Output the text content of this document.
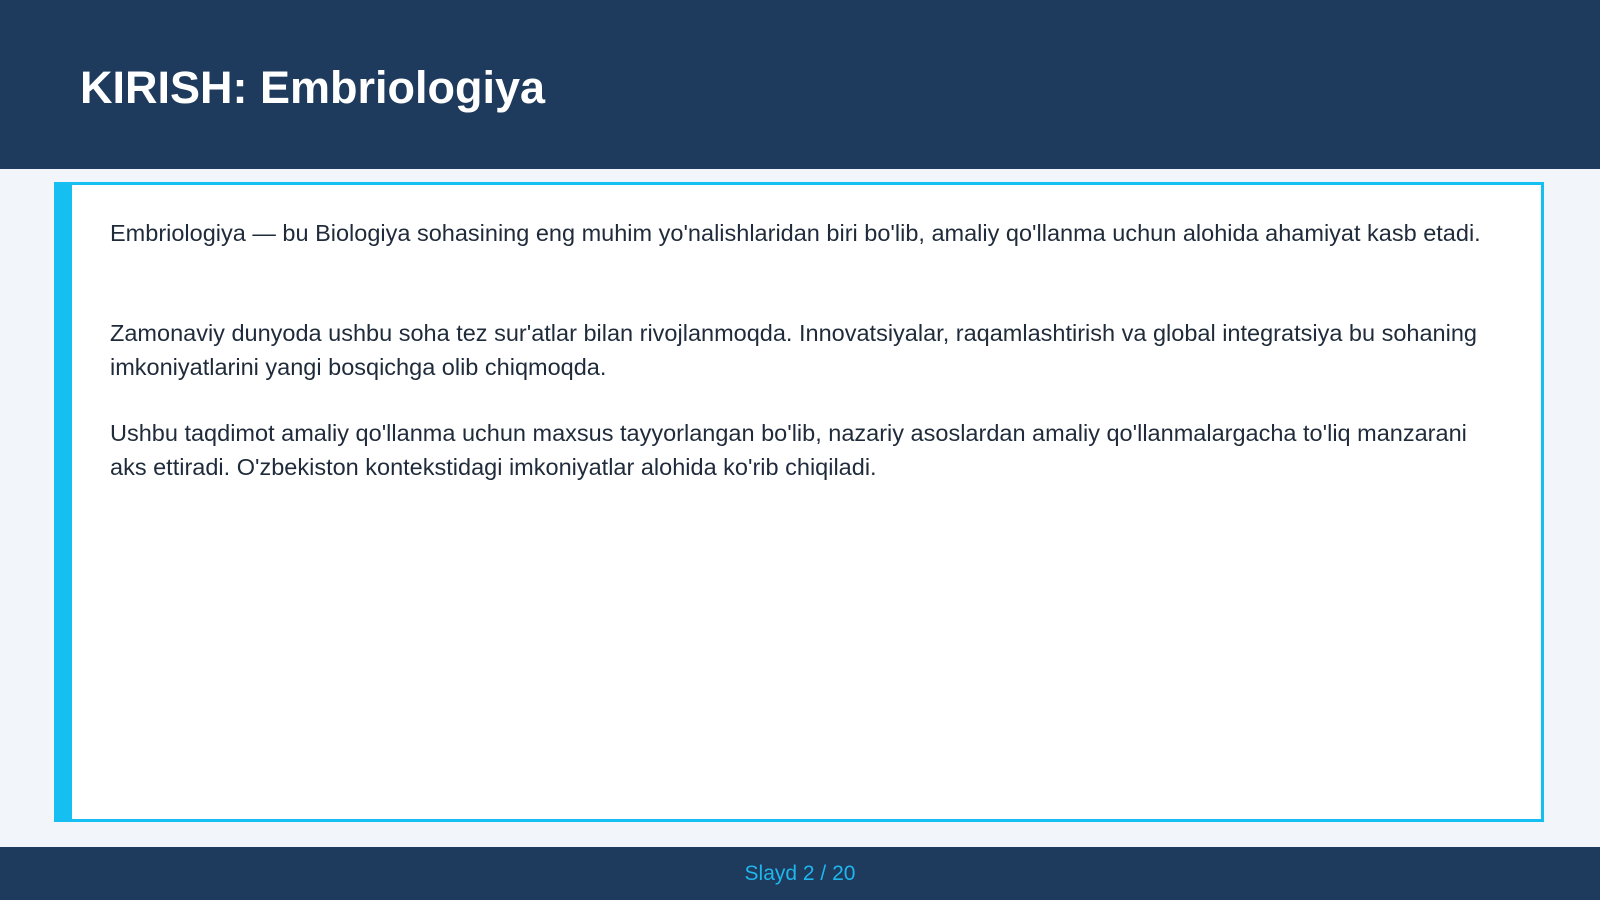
KIRISH: Embriologiya

Embriologiya — bu Biologiya sohasining eng muhim yo'nalishlaridan biri bo'lib, amaliy qo'llanma uchun alohida ahamiyat kasb etadi.

Zamonaviy dunyoda ushbu soha tez sur'atlar bilan rivojlanmoqda. Innovatsiyalar, raqamlashtirish va global integratsiya bu sohaning imkoniyatlarini yangi bosqichga olib chiqmoqda.

Ushbu taqdimot amaliy qo'llanma uchun maxsus tayyorlangan bo'lib, nazariy asoslardan amaliy qo'llanmalargacha to'liq manzarani aks ettiradi. O'zbekiston kontekstidagi imkoniyatlar alohida ko'rib chiqiladi.

Slayd 2 / 20
